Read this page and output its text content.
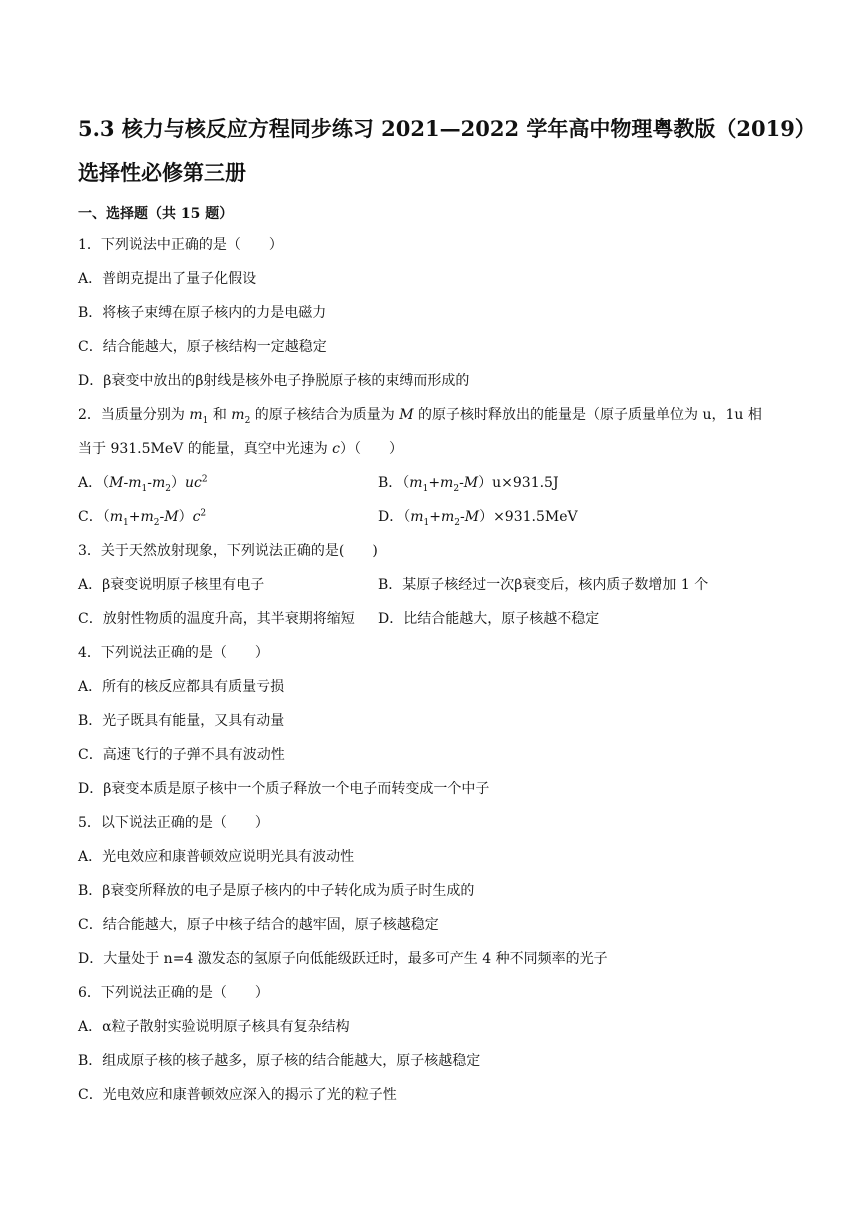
5.3 核力与核反应方程同步练习 2021—2022 学年高中物理粤教版（2019）
选择性必修第三册
一、选择题（共 15 题）
1．下列说法中正确的是（　　）
A．普朗克提出了量子化假设
B．将核子束缚在原子核内的力是电磁力
C．结合能越大，原子核结构一定越稳定
D．β衰变中放出的β射线是核外电子挣脱原子核的束缚而形成的
2．当质量分别为 $m_1$ 和 $m_2$ 的原子核结合为质量为 M 的原子核时释放出的能量是（原子质量单位为 u，1u 相
当于 931.5MeV 的能量，真空中光速为 c）（　　）
A．$(M-m_1-m_2)uc^2$	B．$(m_1+m_2-M)u\times 931.5J$
C．$(m_1+m_2-M)c^2$	D．$(m_1+m_2-M)\times 931.5MeV$
3．关于天然放射现象，下列说法正确的是(　　)
A．β衰变说明原子核里有电子	B．某原子核经过一次β衰变后，核内质子数增加 1 个
C．放射性物质的温度升高，其半衰期将缩短 D．比结合能越大，原子核越不稳定
4．下列说法正确的是（　　）
A．所有的核反应都具有质量亏损
B．光子既具有能量，又具有动量
C．高速飞行的子弹不具有波动性
D．β衰变本质是原子核中一个质子释放一个电子而转变成一个中子
5．以下说法正确的是（　　）
A．光电效应和康普顿效应说明光具有波动性
B．β衰变所释放的电子是原子核内的中子转化成为质子时生成的
C．结合能越大，原子中核子结合的越牢固，原子核越稳定
D．大量处于 n=4 激发态的氢原子向低能级跃迁时，最多可产生 4 种不同频率的光子
6．下列说法正确的是（　　）
A．α粒子散射实验说明原子核具有复杂结构
B．组成原子核的核子越多，原子核的结合能越大，原子核越稳定
C．光电效应和康普顿效应深入的揭示了光的粒子性
